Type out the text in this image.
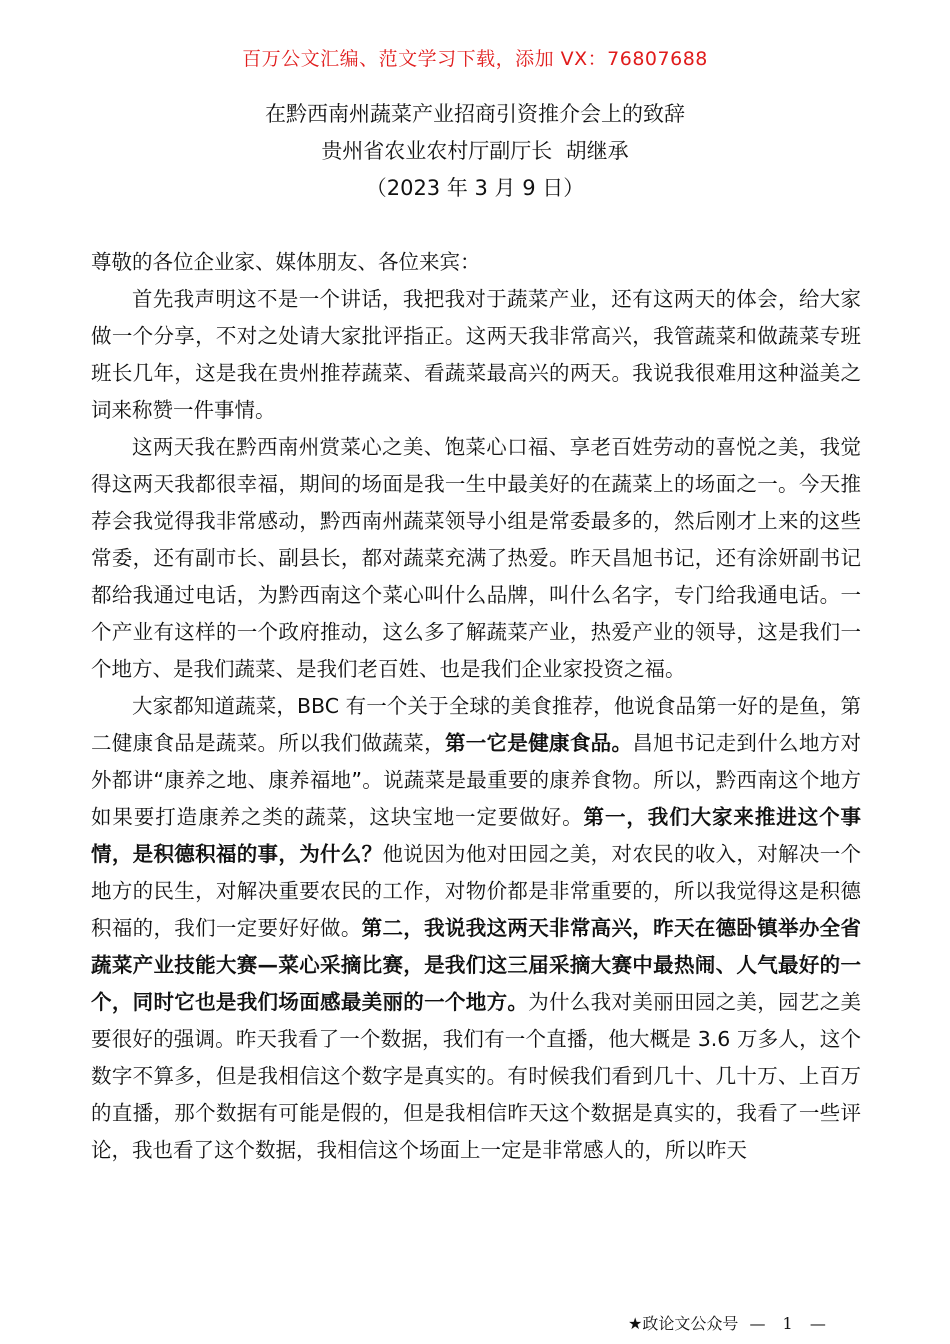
百万公文汇编、范文学习下载，添加 VX：76807688
在黔西南州蔬菜产业招商引资推介会上的致辞
贵州省农业农村厅副厅长  胡继承
（2023 年 3 月 9 日）

尊敬的各位企业家、媒体朋友、各位来宾：

首先我声明这不是一个讲话，我把我对于蔬菜产业，还有这两天的体会，给大家做一个分享，不对之处请大家批评指正。这两天我非常高兴，我管蔬菜和做蔬菜专班班长几年，这是我在贵州推荐蔬菜、看蔬菜最高兴的两天。我说我很难用这种溢美之词来称赞一件事情。

这两天我在黔西南州赏菜心之美、饱菜心口福、享老百姓劳动的喜悦之美，我觉得这两天我都很幸福，期间的场面是我一生中最美好的在蔬菜上的场面之一。今天推荐会我觉得我非常感动，黔西南州蔬菜领导小组是常委最多的，然后刚才上来的这些常委，还有副市长、副县长，都对蔬菜充满了热爱。昨天昌旭书记，还有涂妍副书记都给我通过电话，为黔西南这个菜心叫什么品牌，叫什么名字，专门给我通电话。一个产业有这样的一个政府推动，这么多了解蔬菜产业，热爱产业的领导，这是我们一个地方、是我们蔬菜、是我们老百姓、也是我们企业家投资之福。

大家都知道蔬菜，BBC 有一个关于全球的美食推荐，他说食品第一好的是鱼，第二健康食品是蔬菜。所以我们做蔬菜，第一它是健康食品。昌旭书记走到什么地方对外都讲“康养之地、康养福地”。说蔬菜是最重要的康养食物。所以，黔西南这个地方如果要打造康养之类的蔬菜，这块宝地一定要做好。第一，我们大家来推进这个事情，是积德积福的事，为什么？他说因为他对田园之美，对农民的收入，对解决一个地方的民生，对解决重要农民的工作，对物价都是非常重要的，所以我觉得这是积德积福的，我们一定要好好做。第二，我说我这两天非常高兴，昨天在德卧镇举办全省蔬菜产业技能大赛—菜心采摘比赛，是我们这三届采摘大赛中最热闹、人气最好的一个，同时它也是我们场面感最美丽的一个地方。为什么我对美丽田园之美，园艺之美要很好的强调。昨天我看了一个数据，我们有一个直播，他大概是 3.6 万多人，这个数字不算多，但是我相信这个数字是真实的。有时候我们看到几十、几十万、上百万的直播，那个数据有可能是假的，但是我相信昨天这个数据是真实的，我看了一些评论，我也看了这个数据，我相信这个场面上一定是非常感人的，所以昨天

★政论文公众号 — 1 —
